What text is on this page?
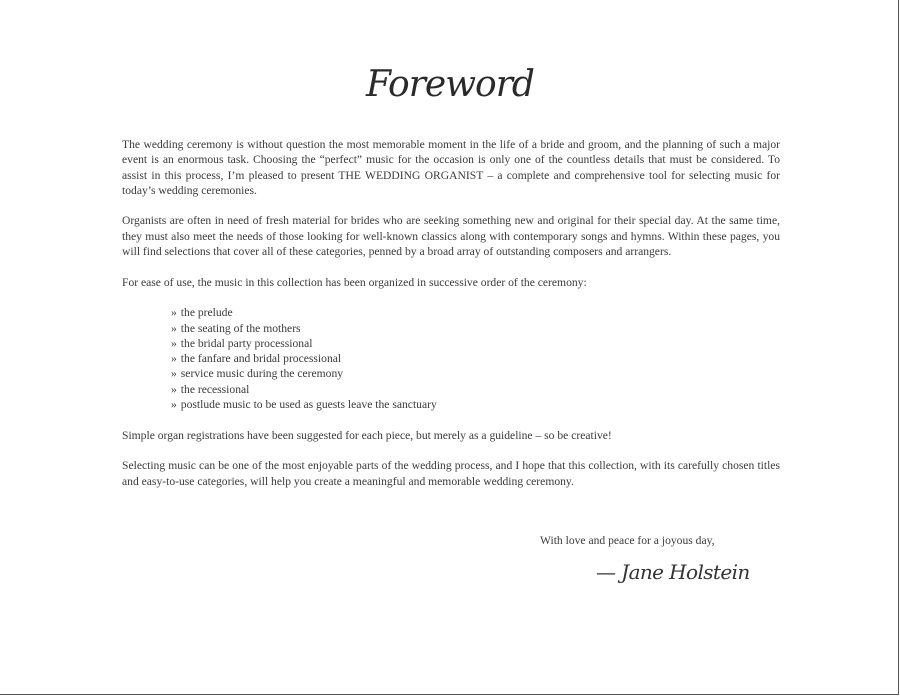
Foreword

The wedding ceremony is without question the most memorable moment in the life of a bride and groom, and the planning of such a major event is an enormous task. Choosing the “perfect” music for the occasion is only one of the countless details that must be considered. To assist in this process, I’m pleased to present THE WEDDING ORGANIST – a complete and comprehensive tool for selecting music for today’s wedding ceremonies.

Organists are often in need of fresh material for brides who are seeking something new and original for their special day. At the same time, they must also meet the needs of those looking for well-known classics along with contemporary songs and hymns. Within these pages, you will find selections that cover all of these categories, penned by a broad array of outstanding composers and arrangers.

For ease of use, the music in this collection has been organized in successive order of the ceremony:

» the prelude
» the seating of the mothers
» the bridal party processional
» the fanfare and bridal processional
» service music during the ceremony
» the recessional
» postlude music to be used as guests leave the sanctuary

Simple organ registrations have been suggested for each piece, but merely as a guideline – so be creative!

Selecting music can be one of the most enjoyable parts of the wedding process, and I hope that this collection, with its carefully chosen titles and easy-to-use categories, will help you create a meaningful and memorable wedding ceremony.

With love and peace for a joyous day,
— Jane Holstein
